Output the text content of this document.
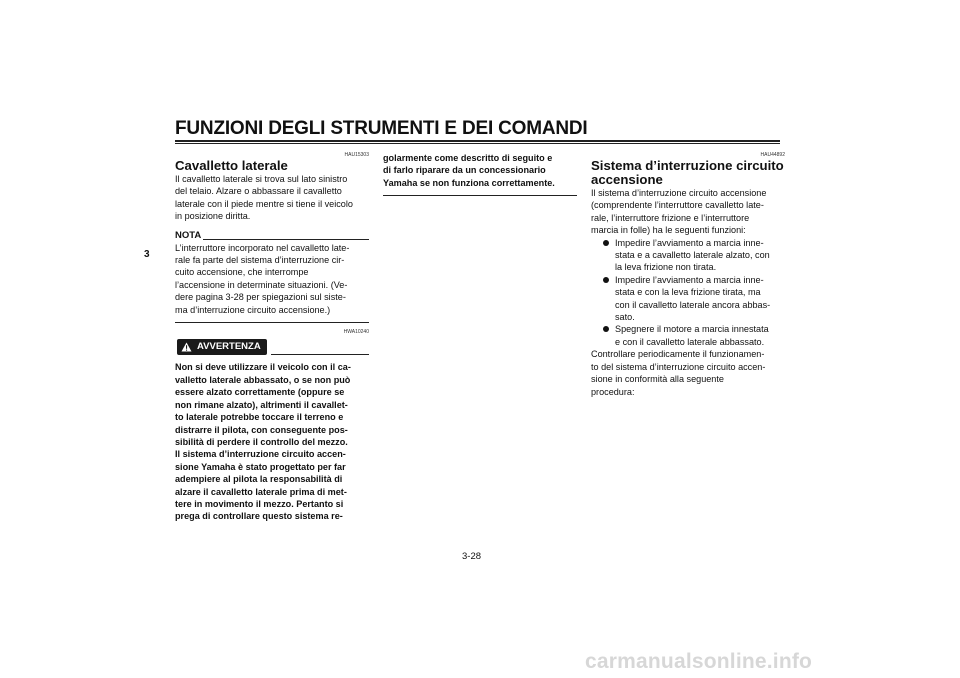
FUNZIONI DEGLI STRUMENTI E DEI COMANDI
3
HAU15303
Cavalletto laterale

Il cavalletto laterale si trova sul lato sinistro
del telaio. Alzare o abbassare il cavalletto
laterale con il piede mentre si tiene il veicolo
in posizione diritta.

NOTA

L’interruttore incorporato nel cavalletto late-
rale fa parte del sistema d’interruzione cir-
cuito accensione, che interrompe
l’accensione in determinate situazioni. (Ve-
dere pagina 3-28 per spiegazioni sul siste-
ma d’interruzione circuito accensione.)

HWA10240
AVVERTENZA

Non si deve utilizzare il veicolo con il ca-
valletto laterale abbassato, o se non può
essere alzato correttamente (oppure se
non rimane alzato), altrimenti il cavallet-
to laterale potrebbe toccare il terreno e
distrarre il pilota, con conseguente pos-
sibilità di perdere il controllo del mezzo.
Il sistema d’interruzione circuito accen-
sione Yamaha è stato progettato per far
adempiere al pilota la responsabilità di
alzare il cavalletto laterale prima di met-
tere in movimento il mezzo. Pertanto si
prega di controllare questo sistema re-

golarmente come descritto di seguito e
di farlo riparare da un concessionario
Yamaha se non funziona correttamente.

HAU44892
Sistema d’interruzione circuito
accensione

Il sistema d’interruzione circuito accensione
(comprendente l’interruttore cavalletto late-
rale, l’interruttore frizione e l’interruttore
marcia in folle) ha le seguenti funzioni:

Impedire l’avviamento a marcia inne-
stata e a cavalletto laterale alzato, con
la leva frizione non tirata.
Impedire l’avviamento a marcia inne-
stata e con la leva frizione tirata, ma
con il cavalletto laterale ancora abbas-
sato.
Spegnere il motore a marcia innestata
e con il cavalletto laterale abbassato.

Controllare periodicamente il funzionamen-
to del sistema d’interruzione circuito accen-
sione in conformità alla seguente
procedura:

3-28
carmanualsonline.info
